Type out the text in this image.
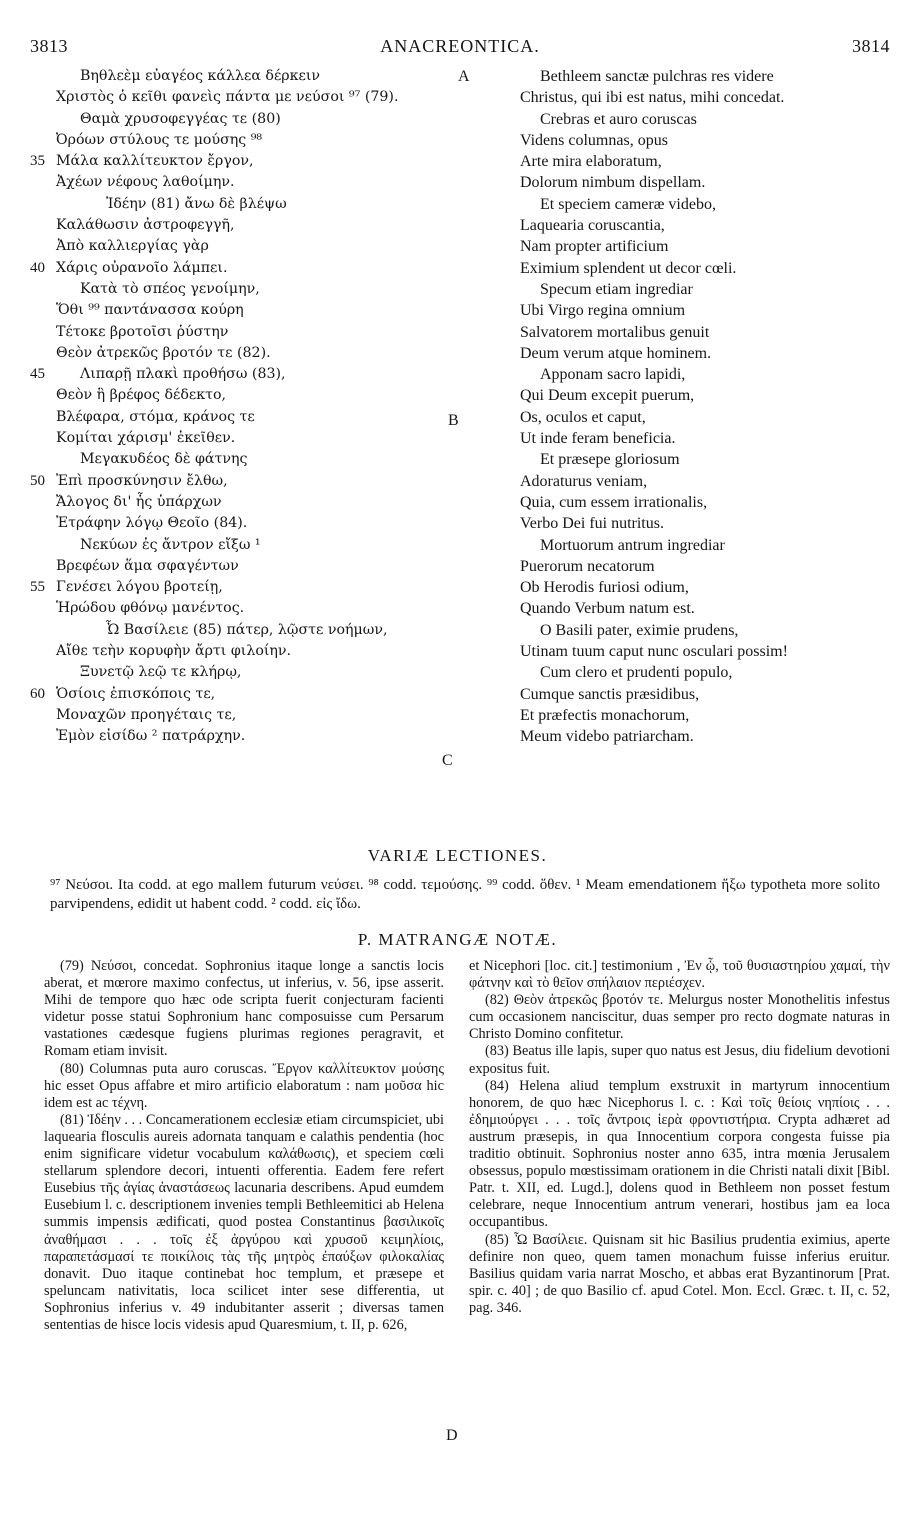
3813	ANACREONTICA.	3814
Βηθλεὲμ εὐαγέος κάλλεα δέρκειν
Χριστὸς ὁ κεῖθι φανεὶς πάντα με νεύσοι ⁹⁷ (79).
Θαμὰ χρυσοφεγγέας τε (80)
Ὀρόων στύλους τε μούσης ⁹⁸
35 Μάλα καλλίτευκτον ἔργον,
Ἀχέων νέφους λαθοίμην.
Ἰδέην (81) ἄνω δὲ βλέψω
Καλάθωσιν ἀστροφεγγῆ,
Ἀπὸ καλλιεργίας γὰρ
40 Χάρις οὐρανοῖο λάμπει.
Κατὰ τὸ σπέος γενοίμην,
Ὅθι ⁹⁹ παντάνασσα κούρη
Τέτοκε βροτοῖσι ῥύστην
Θεὸν ἀτρεκῶς βροτόν τε (82).
45 Λιπαρῇ πλακὶ προθήσω (83),
Θεὸν ἣ βρέφος δέδεκτο,
Βλέφαρα, στόμα, κράνος τε
Κομίται χάρισμ' ἐκεῖθεν.
Μεγακυδέος δὲ φάτνης
50 Ἐπὶ προσκύνησιν ἔλθω,
Ἄλογος δι' ἧς ὑπάρχων
Ἐτράφην λόγῳ Θεοῖο (84).
Νεκύων ἐς ἄντρον εἴξω ¹
Βρεφέων ἅμα σφαγέντων
55 Γενέσει λόγου βροτείῃ,
Ἡρώδου φθόνῳ μανέντος.
Ὦ Βασίλειε (85) πάτερ, λῷστε νοήμων,
Αἴθε τεὴν κορυφὴν ἄρτι φιλοίην.
Ξυνετῷ λεῷ τε κλήρῳ,
60 Ὁσίοις ἐπισκόποις τε,
Μοναχῶν προηγέταις τε,
Ἐμὸν εἰσίδω ² πατράρχην.
Bethleem sanctæ pulchras res videre
Christus, qui ibi est natus, mihi concedat.
Crebras et auro coruscas
Videns columnas, opus
Arte mira elaboratum,
Dolorum nimbum dispellam.
Et speciem cameræ videbo,
Laquearia coruscantia,
Nam propter artificium
Eximium splendent ut decor cœli.
Specum etiam ingrediar
Ubi Virgo regina omnium
Salvatorem mortalibus genuit
Deum verum atque hominem.
Apponam sacro lapidi,
Qui Deum excepit puerum,
Os, oculos et caput,
Ut inde feram beneficia.
Et præsepe gloriosum
Adoraturus veniam,
Quia, cum essem irrationalis,
Verbo Dei fui nutritus.
Mortuorum antrum ingrediar
Puerorum necatorum
Ob Herodis furiosi odium,
Quando Verbum natum est.
O Basili pater, eximie prudens,
Utinam tuum caput nunc osculari possim!
Cum clero et prudenti populo,
Cumque sanctis præsidibus,
Et præfectis monachorum,
Meum videbo patriarcham.
A
B
C
VARIÆ LECTIONES.

⁹⁷ Νεύσοι. Ita codd. at ego mallem futurum νεύσει. ⁹⁸ codd. τεμούσης. ⁹⁹ codd. ὅθεν. ¹ Meam emendationem ἥξω typotheta more solito parvipendens, edidit ut habent codd. ² codd. εἰς ἴδω.

P. MATRANGÆ NOTÆ.

(79) Νεύσοι, concedat. Sophronius itaque longe a sanctis locis aberat, et mœrore maximo confectus, ut inferius, v. 56, ipse asserit. Mihi de tempore quo hæc ode scripta fuerit conjecturam facienti videtur posse statui Sophronium hanc composuisse cum Persarum vastationes cædesque fugiens plurimas regiones peragravit, et Romam etiam invisit.

(80) Columnas puta auro coruscas. Ἔργον καλλίτευκτον μούσης hic esset Opus affabre et miro artificio elaboratum : nam μοῦσα hic idem est ac τέχνη.

(81) Ἰδέην . . . Concamerationem ecclesiæ etiam circumspiciet, ubi laquearia flosculis aureis adornata tanquam e calathis pendentia (hoc enim significare videtur vocabulum καλάθωσις), et speciem cœli stellarum splendore decori, intuenti offerentia. Eadem fere refert Eusebius τῆς ἁγίας ἀναστάσεως lacunaria describens. Apud eumdem Eusebium l. c. descriptionem invenies templi Bethleemitici ab Helena summis impensis ædificati, quod postea Constantinus βασιλικοῖς ἀναθήμασι . . . τοῖς ἐξ ἀργύρου καὶ χρυσοῦ κειμηλίοις, παραπετάσμασί τε ποικίλοις τὰς τῆς μητρὸς ἐπαύξων φιλοκαλίας donavit. Duo itaque continebat hoc templum, et præsepe et speluncam nativitatis, loca scilicet inter sese differentia, ut Sophronius inferius v. 49 indubitanter asserit ; diversas tamen sententias de hisce locis videsis apud Quaresmium, t. II, p. 626,

et Nicephori [loc. cit.] testimonium , Ἐν ᾧ, τοῦ θυσιαστηρίου χαμαί, τὴν φάτνην καὶ τὸ θεῖον σπήλαιον περιέσχεν.

(82) Θεὸν ἀτρεκῶς βροτόν τε. Melurgus noster Monothelitis infestus cum occasionem nanciscitur, duas semper pro recto dogmate naturas in Christo Domino confitetur.

(83) Beatus ille lapis, super quo natus est Jesus, diu fidelium devotioni expositus fuit.

(84) Helena aliud templum exstruxit in martyrum innocentium honorem, de quo hæc Nicephorus l. c. : Καὶ τοῖς θείοις νηπίοις . . . ἐδημιούργει . . . τοῖς ἄντροις ἱερὰ φροντιστήρια. Crypta adhæret ad austrum præsepis, in qua Innocentium corpora congesta fuisse pia traditio obtinuit. Sophronius noster anno 635, intra mœnia Jerusalem obsessus, populo mœstissimam orationem in die Christi natali dixit [Bibl. Patr. t. XII, ed. Lugd.], dolens quod in Bethleem non posset festum celebrare, neque Innocentium antrum venerari, hostibus jam ea loca occupantibus.

(85) Ὦ Βασίλειε. Quisnam sit hic Basilius prudentia eximius, aperte definire non queo, quem tamen monachum fuisse inferius eruitur. Basilius quidam varia narrat Moscho, et abbas erat Byzantinorum [Prat. spir. c. 40] ; de quo Basilio cf. apud Cotel. Mon. Eccl. Græc. t. II, c. 52, pag. 346.

D
